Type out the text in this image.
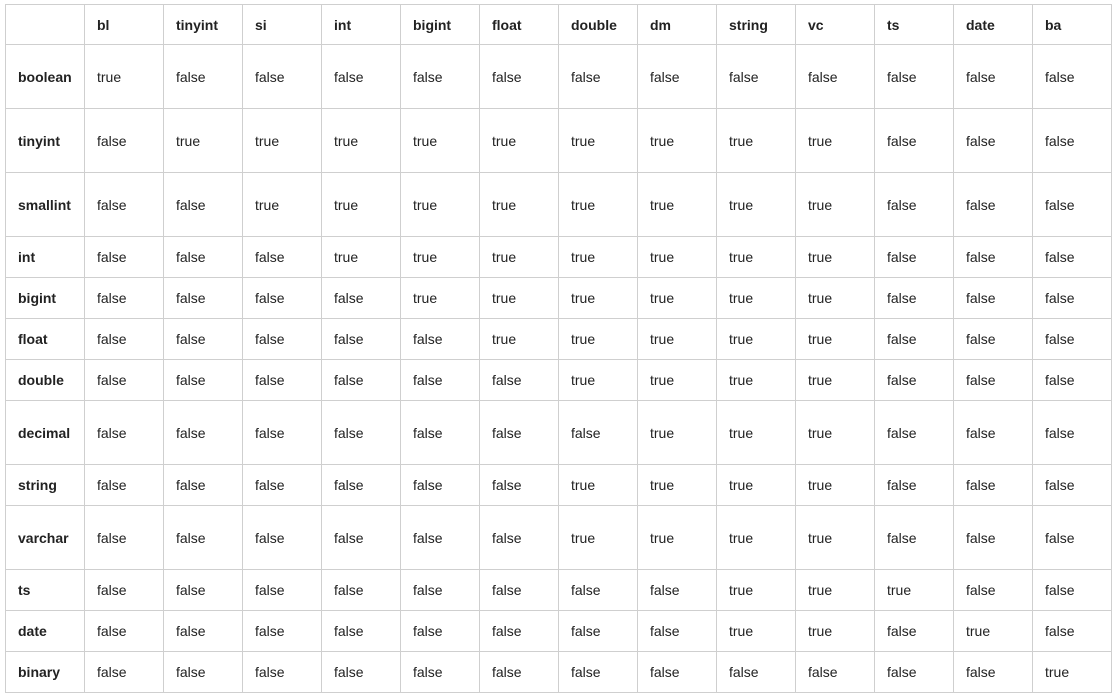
	bl	tinyint	si	int	bigint	float	double	dm	string	vc	ts	date	ba
boolean	true	false	false	false	false	false	false	false	false	false	false	false	false
tinyint	false	true	true	true	true	true	true	true	true	true	false	false	false
smallint	false	false	true	true	true	true	true	true	true	true	false	false	false
int	false	false	false	true	true	true	true	true	true	true	false	false	false
bigint	false	false	false	false	true	true	true	true	true	true	false	false	false
float	false	false	false	false	false	true	true	true	true	true	false	false	false
double	false	false	false	false	false	false	true	true	true	true	false	false	false
decimal	false	false	false	false	false	false	false	true	true	true	false	false	false
string	false	false	false	false	false	false	true	true	true	true	false	false	false
varchar	false	false	false	false	false	false	true	true	true	true	false	false	false
ts	false	false	false	false	false	false	false	false	true	true	true	false	false
date	false	false	false	false	false	false	false	false	true	true	false	true	false
binary	false	false	false	false	false	false	false	false	false	false	false	false	true
